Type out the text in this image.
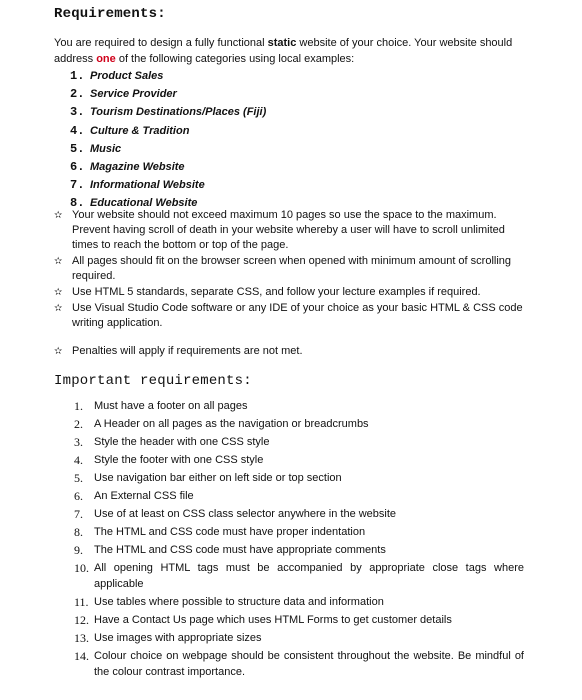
Requirements:
You are required to design a fully functional static website of your choice. Your website should address one of the following categories using local examples:
1. Product Sales
2. Service Provider
3. Tourism Destinations/Places (Fiji)
4. Culture & Tradition
5. Music
6. Magazine Website
7. Informational Website
8. Educational Website
✫ Your website should not exceed maximum 10 pages so use the space to the maximum. Prevent having scroll of death in your website whereby a user will have to scroll unlimited times to reach the bottom or top of the page.
✫ All pages should fit on the browser screen when opened with minimum amount of scrolling required.
✫ Use HTML 5 standards, separate CSS, and follow your lecture examples if required.
✫ Use Visual Studio Code software or any IDE of your choice as your basic HTML & CSS code writing application.
✫ Penalties will apply if requirements are not met.
Important requirements:
1. Must have a footer on all pages
2. A Header on all pages as the navigation or breadcrumbs
3. Style the header with one CSS style
4. Style the footer with one CSS style
5. Use navigation bar either on left side or top section
6. An External CSS file
7. Use of at least on CSS class selector anywhere in the website
8. The HTML and CSS code must have proper indentation
9. The HTML and CSS code must have appropriate comments
10. All opening HTML tags must be accompanied by appropriate close tags where applicable
11. Use tables where possible to structure data and information
12. Have a Contact Us page which uses HTML Forms to get customer details
13. Use images with appropriate sizes
14. Colour choice on webpage should be consistent throughout the website. Be mindful of the colour contrast importance.
